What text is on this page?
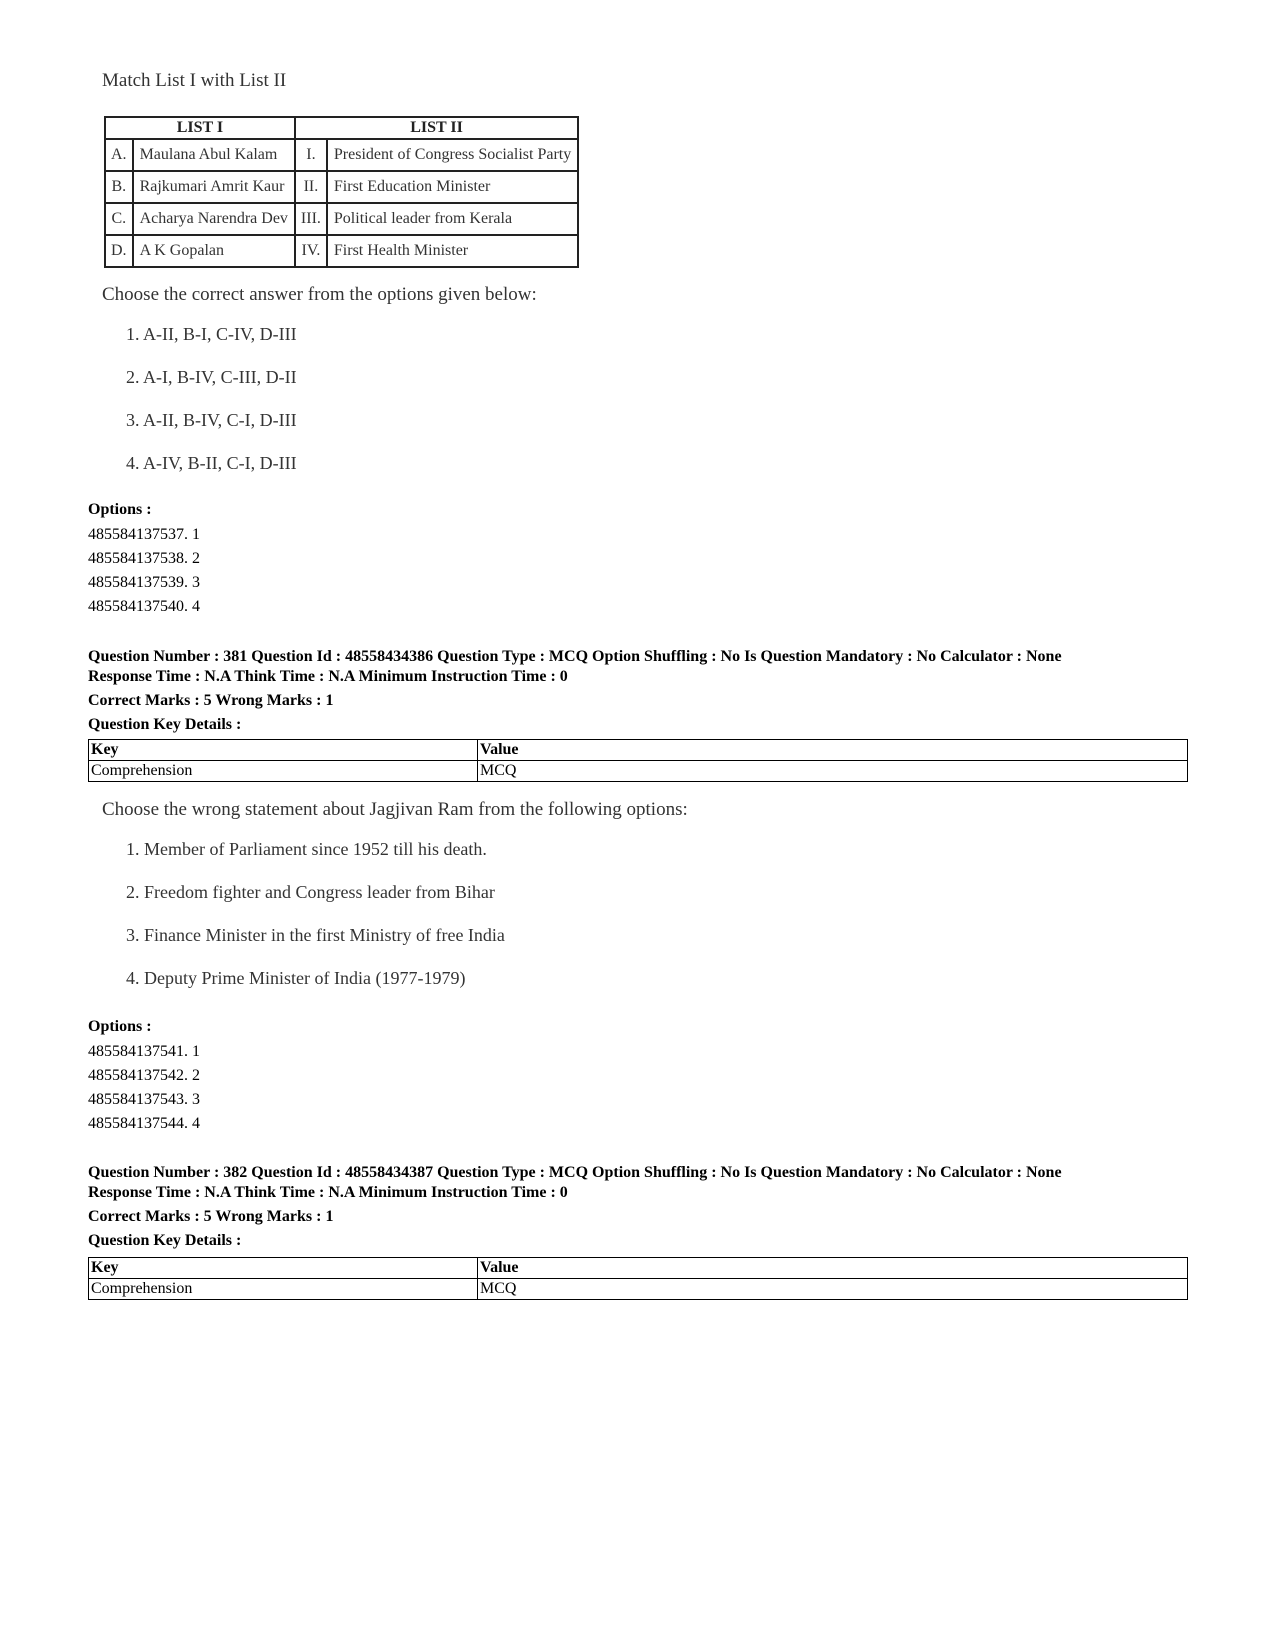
Match List I with List II

LIST I		LIST II	
A.	Maulana Abul Kalam	I.	President of Congress Socialist Party
B.	Rajkumari Amrit Kaur	II.	First Education Minister
C.	Acharya Narendra Dev	III.	Political leader from Kerala
D.	A K Gopalan	IV.	First Health Minister

Choose the correct answer from the options given below:

1. A-II, B-I, C-IV, D-III
2. A-I, B-IV, C-III, D-II
3. A-II, B-IV, C-I, D-III
4. A-IV, B-II, C-I, D-III
Options :
485584137537. 1
485584137538. 2
485584137539. 3
485584137540. 4
Question Number : 381 Question Id : 48558434386 Question Type : MCQ Option Shuffling : No Is Question Mandatory : No Calculator : None
Response Time : N.A Think Time : N.A Minimum Instruction Time : 0
Correct Marks : 5 Wrong Marks : 1
Question Key Details :
Key	Value
Comprehension	MCQ

Choose the wrong statement about Jagjivan Ram from the following options:

1. Member of Parliament since 1952 till his death.
2. Freedom fighter and Congress leader from Bihar
3. Finance Minister in the first Ministry of free India
4. Deputy Prime Minister of India (1977-1979)
Options :
485584137541. 1
485584137542. 2
485584137543. 3
485584137544. 4
Question Number : 382 Question Id : 48558434387 Question Type : MCQ Option Shuffling : No Is Question Mandatory : No Calculator : None
Response Time : N.A Think Time : N.A Minimum Instruction Time : 0
Correct Marks : 5 Wrong Marks : 1
Question Key Details :
Key	Value
Comprehension	MCQ
